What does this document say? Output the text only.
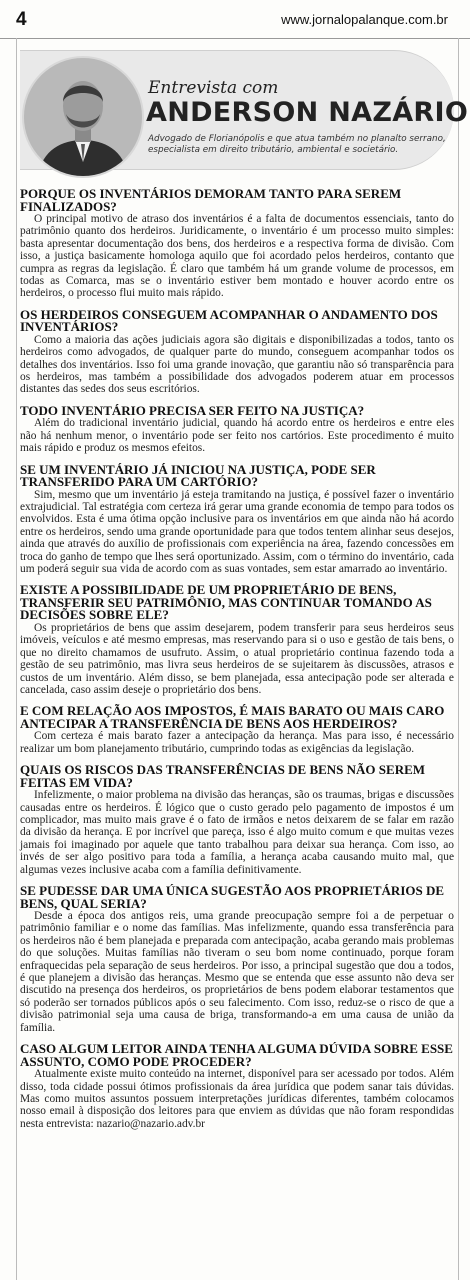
4	www.jornalopalanque.com.br
Entrevista com
ANDERSON NAZÁRIO
Advogado de Florianópolis e que atua também no planalto serrano, especialista em direito tributário, ambiental e societário.

PORQUE OS INVENTÁRIOS DEMORAM TANTO PARA SEREM FINALIZADOS?

O principal motivo de atraso dos inventários é a falta de documentos essenciais, tanto do patrimônio quanto dos herdeiros. Juridicamente, o inventário é um processo muito simples: basta apresentar documentação dos bens, dos herdeiros e a respectiva forma de divisão. Com isso, a justiça basicamente homologa aquilo que foi acordado pelos herdeiros, contanto que cumpra as regras da legislação. É claro que também há um grande volume de processos, em todas as Comarca, mas se o inventário estiver bem montado e houver acordo entre os herdeiros, o processo flui muito mais rápido.

OS HERDEIROS CONSEGUEM ACOMPANHAR O ANDAMENTO DOS INVENTÁRIOS?

Como a maioria das ações judiciais agora são digitais e disponibilizadas a todos, tanto os herdeiros como advogados, de qualquer parte do mundo, conseguem acompanhar todos os detalhes dos inventários. Isso foi uma grande inovação, que garantiu não só transparência para os herdeiros, mas também a possibilidade dos advogados poderem atuar em processos distantes das sedes dos seus escritórios.

TODO INVENTÁRIO PRECISA SER FEITO NA JUSTIÇA?

Além do tradicional inventário judicial, quando há acordo entre os herdeiros e entre eles não há nenhum menor, o inventário pode ser feito nos cartórios. Este procedimento é muito mais rápido e produz os mesmos efeitos.

SE UM INVENTÁRIO JÁ INICIOU NA JUSTIÇA, PODE SER TRANSFERIDO PARA UM CARTÓRIO?

Sim, mesmo que um inventário já esteja tramitando na justiça, é possível fazer o inventário extrajudicial. Tal estratégia com certeza irá gerar uma grande economia de tempo para todos os envolvidos. Esta é uma ótima opção inclusive para os inventários em que ainda não há acordo entre os herdeiros, sendo uma grande oportunidade para que todos tentem alinhar seus desejos, ainda que através do auxílio de profissionais com experiência na área, fazendo concessões em troca do ganho de tempo que lhes será oportunizado. Assim, com o término do inventário, cada um poderá seguir sua vida de acordo com as suas vontades, sem estar amarrado ao inventário.

EXISTE A POSSIBILIDADE DE UM PROPRIETÁRIO DE BENS, TRANSFERIR SEU PATRIMÔNIO, MAS CONTINUAR TOMANDO AS DECISÕES SOBRE ELE?

Os proprietários de bens que assim desejarem, podem transferir para seus herdeiros seus imóveis, veículos e até mesmo empresas, mas reservando para si o uso e gestão de tais bens, o que no direito chamamos de usufruto. Assim, o atual proprietário continua fazendo toda a gestão de seu patrimônio, mas livra seus herdeiros de se sujeitarem às discussões, atrasos e custos de um inventário. Além disso, se bem planejada, essa antecipação pode ser alterada e cancelada, caso assim deseje o proprietário dos bens.

E COM RELAÇÃO AOS IMPOSTOS, É MAIS BARATO OU MAIS CARO ANTECIPAR A TRANSFERÊNCIA DE BENS AOS HERDEIROS?

Com certeza é mais barato fazer a antecipação da herança. Mas para isso, é necessário realizar um bom planejamento tributário, cumprindo todas as exigências da legislação.

QUAIS OS RISCOS DAS TRANSFERÊNCIAS DE BENS NÃO SEREM FEITAS EM VIDA?

Infelizmente, o maior problema na divisão das heranças, são os traumas, brigas e discussões causadas entre os herdeiros. É lógico que o custo gerado pelo pagamento de impostos é um complicador, mas muito mais grave é o fato de irmãos e netos deixarem de se falar em razão da divisão da herança. E por incrível que pareça, isso é algo muito comum e que muitas vezes jamais foi imaginado por aquele que tanto trabalhou para deixar sua herança. Com isso, ao invés de ser algo positivo para toda a família, a herança acaba causando muito mal, que algumas vezes inclusive acaba com a família definitivamente.

SE PUDESSE DAR UMA ÚNICA SUGESTÃO AOS PROPRIETÁRIOS DE BENS, QUAL SERIA?

Desde a época dos antigos reis, uma grande preocupação sempre foi a de perpetuar o patrimônio familiar e o nome das famílias. Mas infelizmente, quando essa transferência para os herdeiros não é bem planejada e preparada com antecipação, acaba gerando mais problemas do que soluções. Muitas famílias não tiveram o seu bom nome continuado, porque foram enfraquecidas pela separação de seus herdeiros. Por isso, a principal sugestão que dou a todos, é que planejem a divisão das heranças. Mesmo que se entenda que esse assunto não deva ser discutido na presença dos herdeiros, os proprietários de bens podem elaborar testamentos que só poderão ser tornados públicos após o seu falecimento. Com isso, reduz-se o risco de que a divisão patrimonial seja uma causa de briga, transformando-a em uma causa de união da família.

CASO ALGUM LEITOR AINDA TENHA ALGUMA DÚVIDA SOBRE ESSE ASSUNTO, COMO PODE PROCEDER?

Atualmente existe muito conteúdo na internet, disponível para ser acessado por todos. Além disso, toda cidade possui ótimos profissionais da área jurídica que podem sanar tais dúvidas. Mas como muitos assuntos possuem interpretações jurídicas diferentes, também colocamos nosso email à disposição dos leitores para que enviem as dúvidas que não foram respondidas nesta entrevista: nazario@nazario.adv.br
